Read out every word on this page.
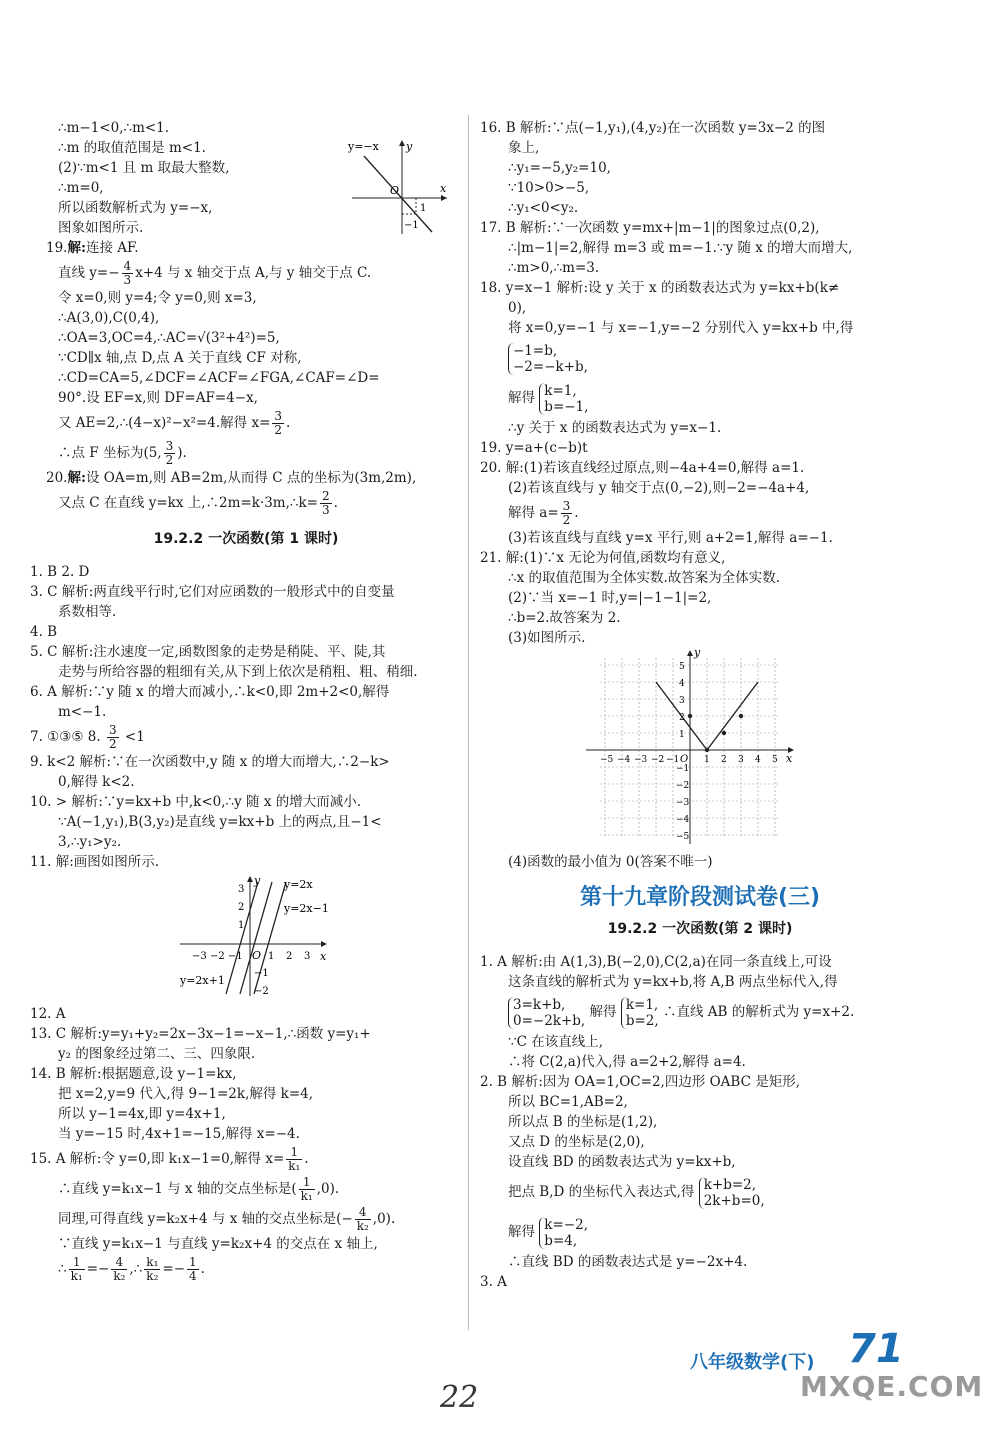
∴m−1<0,∴m<1.

∴m 的取值范围是 m<1.

(2)∵m<1 且 m 取最大整数,

∴m=0,

所以函数解析式为 y=−x,

图象如图所示.

y=−x y
x
O
1
−1

19.解:连接 AF.

直线 $y=- \frac{4}{3} x+4$ 与 x 轴交于点 A,与 y 轴交于点 C.

令 x=0,则 y=4;令 y=0,则 x=3,

∴A(3,0),C(0,4),

∴OA=3,OC=4,∴AC=√(3²+4²)=5,

∵CD∥x 轴,点 D,点 A 关于直线 CF 对称,

∴CD=CA=5,∠DCF=∠ACF=∠FGA,∠CAF=∠D=

90°.设 EF=x,则 DF=AF=4−x,

又 AE=2,∴(4−x)²−x²=4.解得 $x= \frac{3}{2}$ .

∴点 F 坐标为(5, $\frac{3}{2}$ ).

20.解:设 OA=m,则 AB=2m,从而得 C 点的坐标为(3m,2m),

又点 C 在直线 y=kx 上,∴2m=k·3m,∴k= $\frac{2}{3}$ .

19.2.2 一次函数(第 1 课时)

1. B 2. D

3. C 解析:两直线平行时,它们对应函数的一般形式中的自变量

系数相等.

4. B

5. C 解析:注水速度一定,函数图象的走势是稍陡、平、陡,其

走势与所给容器的粗细有关,从下到上依次是稍粗、粗、稍细.

6. A 解析:∵y 随 x 的增大而减小,∴k<0,即 2m+2<0,解得

m<−1.

7. ①③⑤ 8. $\frac{3}{2} <1$

9. k<2 解析:∵在一次函数中,y 随 x 的增大而增大,∴2−k>

0,解得 k<2.

10. > 解析:∵y=kx+b 中,k<0,∴y 随 x 的增大而减小.

∵A(−1,y₁),B(3,y₂)是直线 y=kx+b 上的两点,且−1<

3,∴y₁>y₂.

11. 解:画图如图所示.

y=2x
y=2x−1
y=2x+1
y
x
O
−3 −2 −1	1 2 3
3
2
1
−1
−2

12. A

13. C 解析:y=y₁+y₂=2x−3x−1=−x−1,∴函数 y=y₁+

y₂ 的图象经过第二、三、四象限.

14. B 解析:根据题意,设 y−1=kx,

把 x=2,y=9 代入,得 9−1=2k,解得 k=4,

所以 y−1=4x,即 y=4x+1,

当 y=−15 时,4x+1=−15,解得 x=−4.

15. A 解析:令 y=0,即 k₁x−1=0,解得 $x= \frac{1}{\text{k₁}}$ .

∴直线 y=k₁x−1 与 x 轴的交点坐标是( $\frac{1}{\text{k₁}} ,0$).

同理,可得直线 y=k₂x+4 与 x 轴的交点坐标是(− $\frac{4}{\text{k₂}} ,0$).

∵直线 y=k₁x−1 与直线 y=k₂x+4 的交点在 x 轴上,

∴ $\frac{1}{\text{k₁}} =- \frac{4}{\text{k₂}}$ ,∴ $\frac{\text{k₁}}{\text{k₂}} =- \frac{1}{4}$ .

16. B 解析:∵点(−1,y₁),(4,y₂)在一次函数 y=3x−2 的图

象上,

∴y₁=−5,y₂=10,

∵10>0>−5,

∴y₁<0<y₂.

17. B 解析:∵一次函数 y=mx+|m−1|的图象过点(0,2),

∴|m−1|=2,解得 m=3 或 m=−1.∵y 随 x 的增大而增大,

∴m>0,∴m=3.

18. y=x−1 解析:设 y 关于 x 的函数表达式为 y=kx+b(k≠

0),

将 x=0,y=−1 与 x=−1,y=−2 分别代入 y=kx+b 中,得

−1=b,
−2=−k+b,

解得 k=1,
b=−1,

∴y 关于 x 的函数表达式为 y=x−1.

19. y=a+(c−b)t

20. 解:(1)若该直线经过原点,则−4a+4=0,解得 a=1.

(2)若该直线与 y 轴交于点(0,−2),则−2=−4a+4,

解得 $a= \frac{3}{2}$ .

(3)若该直线与直线 y=x 平行,则 a+2=1,解得 a=−1.

21. 解:(1)∵x 无论为何值,函数均有意义,

∴x 的取值范围为全体实数.故答案为全体实数.

(2)∵当 x=−1 时,y=|−1−1|=2,

∴b=2.故答案为 2.

(3)如图所示.

y
x
O
−5 −4 −3 −2 −1	1 2 3 4 5
5
4
3
2
1
−1
−2
−3
−4
−5

(4)函数的最小值为 0(答案不唯一)

第十九章阶段测试卷(三)
19.2.2 一次函数(第 2 课时)

1. A 解析:由 A(1,3),B(−2,0),C(2,a)在同一条直线上,可设

这条直线的解析式为 y=kx+b,将 A,B 两点坐标代入,得

3=k+b,
0=−2k+b,
解得 k=1,
b=2,
∴直线 AB 的解析式为 y=x+2.

∵C 在该直线上,

∴将 C(2,a)代入,得 a=2+2,解得 a=4.

2. B 解析:因为 OA=1,OC=2,四边形 OABC 是矩形,

所以 BC=1,AB=2,

所以点 B 的坐标是(1,2),

又点 D 的坐标是(2,0),

设直线 BD 的函数表达式为 y=kx+b,

把点 B,D 的坐标代入表达式,得 k+b=2,
2k+b=0,

解得 k=−2,
b=4,

∴直线 BD 的函数表达式是 y=−2x+4.

3. A

八年级数学(下) 71
22	MXQE.COM
